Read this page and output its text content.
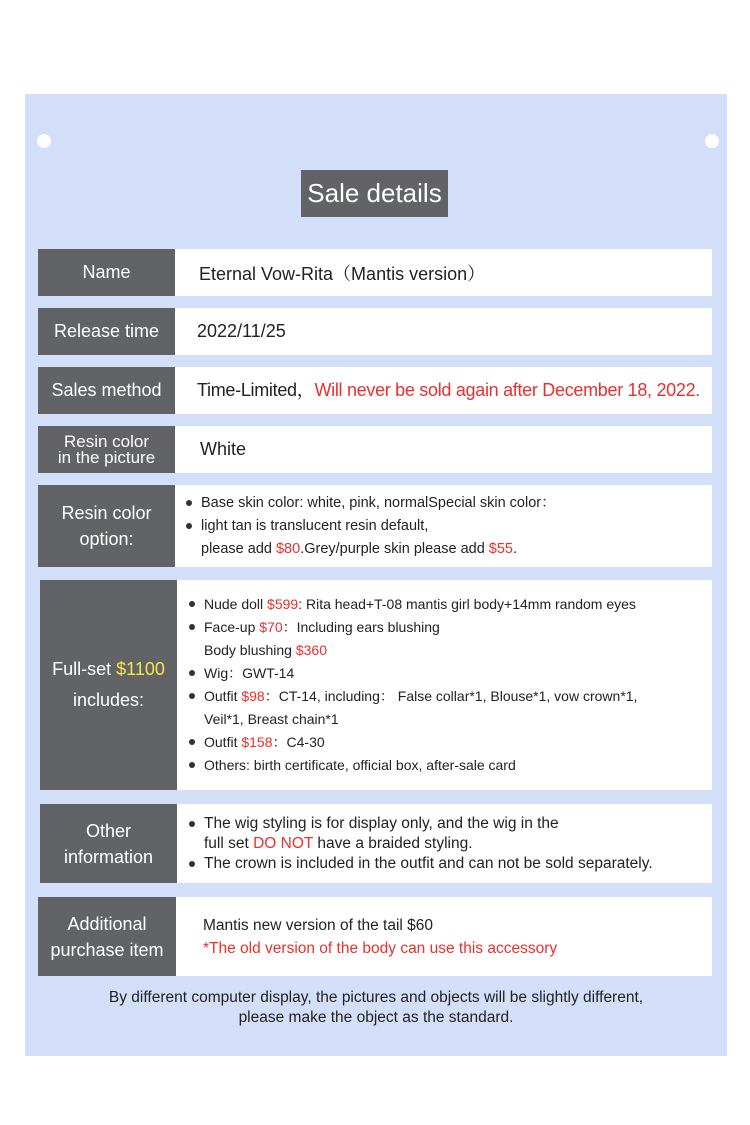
Sale details
Name	Eternal Vow-Rita（Mantis version）
Release time 2022/11/25
Sales method	Time-Limited，Will never be sold again after December 18, 2022.
Resin color
in the picture White
Resin color
option:
Base skin color: white, pink, normalSpecial skin color：
light tan is translucent resin default,
please add $80.Grey/purple skin please add $55.
Full-set $1100
includes:
Nude doll $599: Rita head+T-08 mantis girl body+14mm random eyes
Face-up $70：Including ears blushing
Body blushing $360
Wig：GWT-14
Outfit $98：CT-14, including： False collar*1, Blouse*1, vow crown*1,
Veil*1, Breast chain*1
Outfit $158：C4-30
Others: birth certificate, official box, after-sale card
Other
information
The wig styling is for display only, and the wig in the
full set DO NOT have a braided styling.
The crown is included in the outfit and can not be sold separately.
Additional
purchase item
Mantis new version of the tail $60
*The old version of the body can use this accessory
By different computer display, the pictures and objects will be slightly different,
please make the object as the standard.
